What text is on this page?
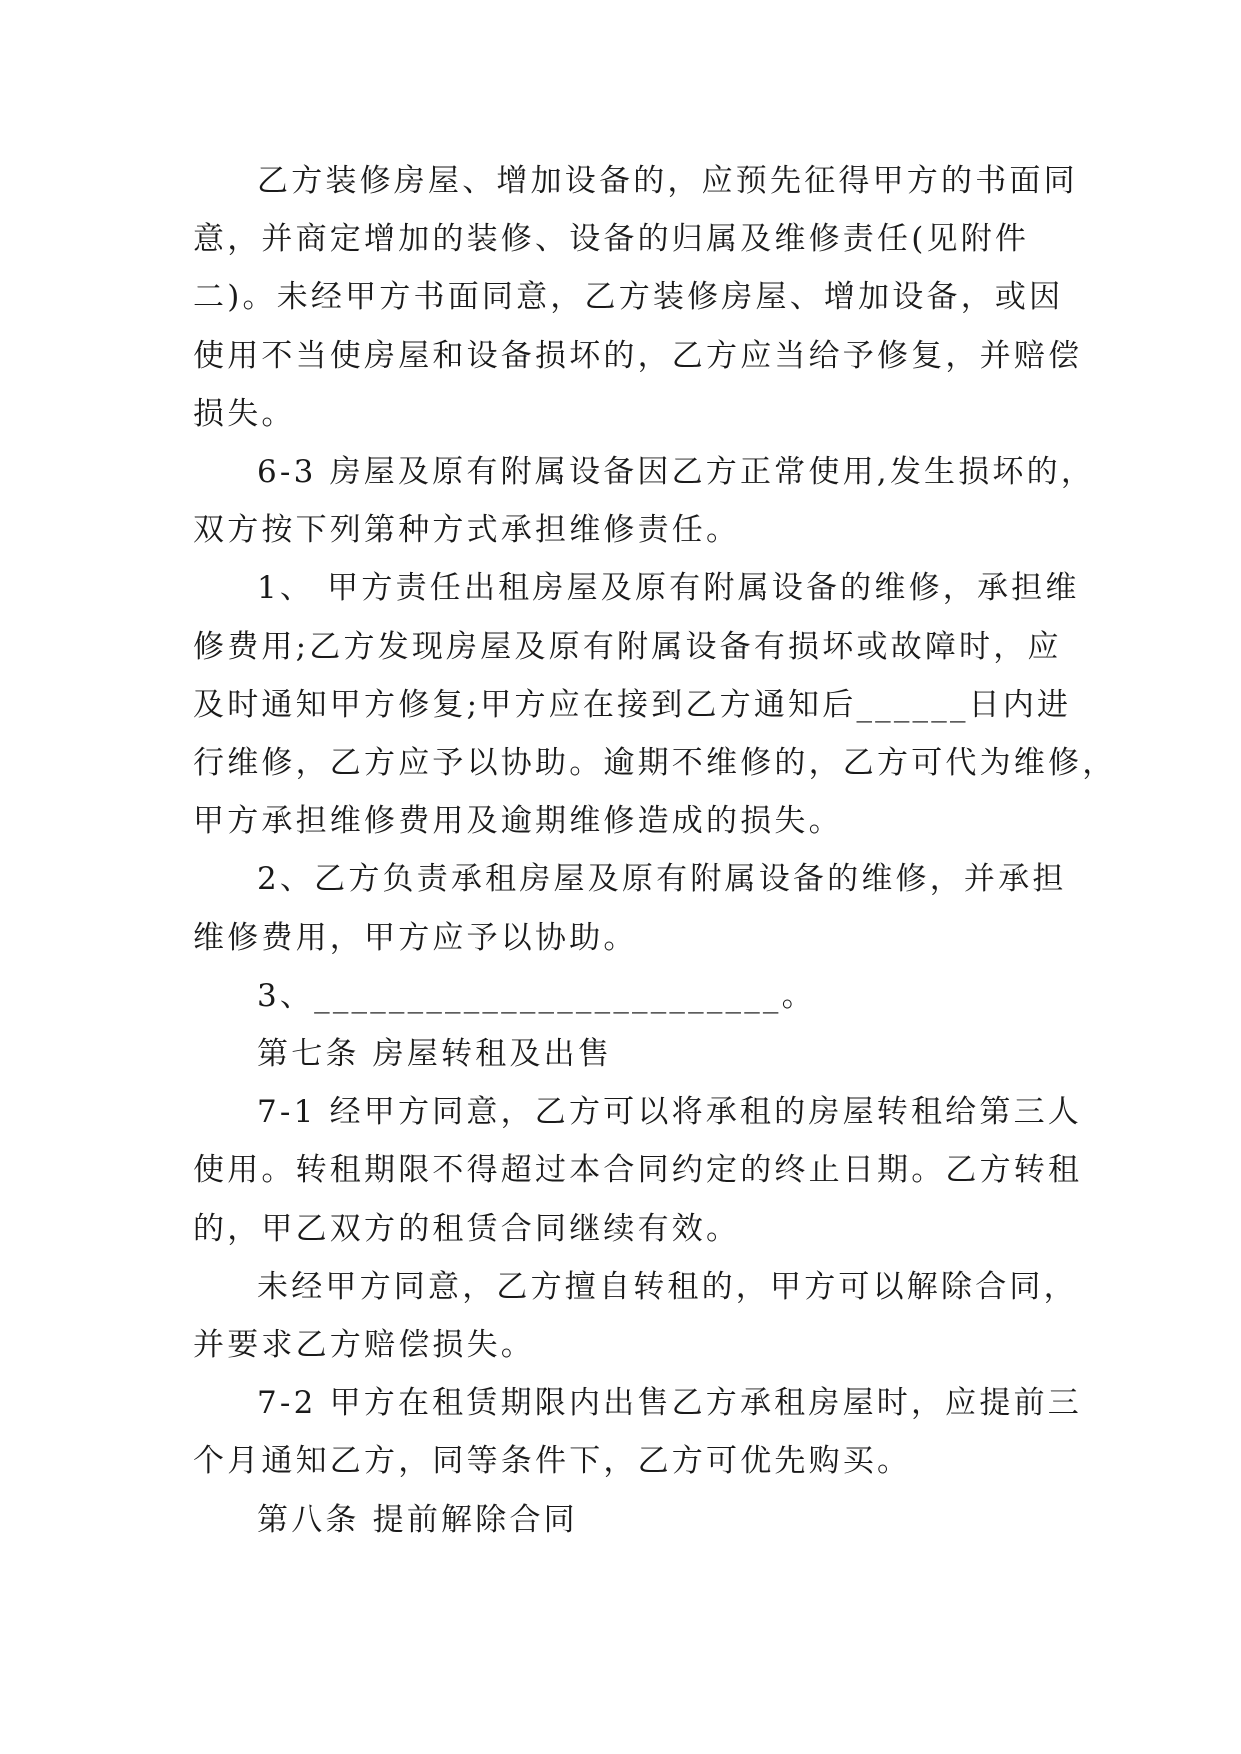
乙方装修房屋、增加设备的，应预先征得甲方的书面同
意，并商定增加的装修、设备的归属及维修责任(见附件
二)。未经甲方书面同意，乙方装修房屋、增加设备，或因
使用不当使房屋和设备损坏的，乙方应当给予修复，并赔偿
损失。
6-3 房屋及原有附属设备因乙方正常使用,发生损坏的，
双方按下列第种方式承担维修责任。
1、 甲方责任出租房屋及原有附属设备的维修，承担维
修费用;乙方发现房屋及原有附属设备有损坏或故障时，应
及时通知甲方修复;甲方应在接到乙方通知后______日内进
行维修，乙方应予以协助。逾期不维修的，乙方可代为维修，
甲方承担维修费用及逾期维修造成的损失。
2、乙方负责承租房屋及原有附属设备的维修，并承担
维修费用，甲方应予以协助。
3、_________________________。
第七条 房屋转租及出售
7-1 经甲方同意，乙方可以将承租的房屋转租给第三人
使用。转租期限不得超过本合同约定的终止日期。乙方转租
的，甲乙双方的租赁合同继续有效。
未经甲方同意，乙方擅自转租的，甲方可以解除合同，
并要求乙方赔偿损失。
7-2 甲方在租赁期限内出售乙方承租房屋时，应提前三
个月通知乙方，同等条件下，乙方可优先购买。
第八条 提前解除合同
